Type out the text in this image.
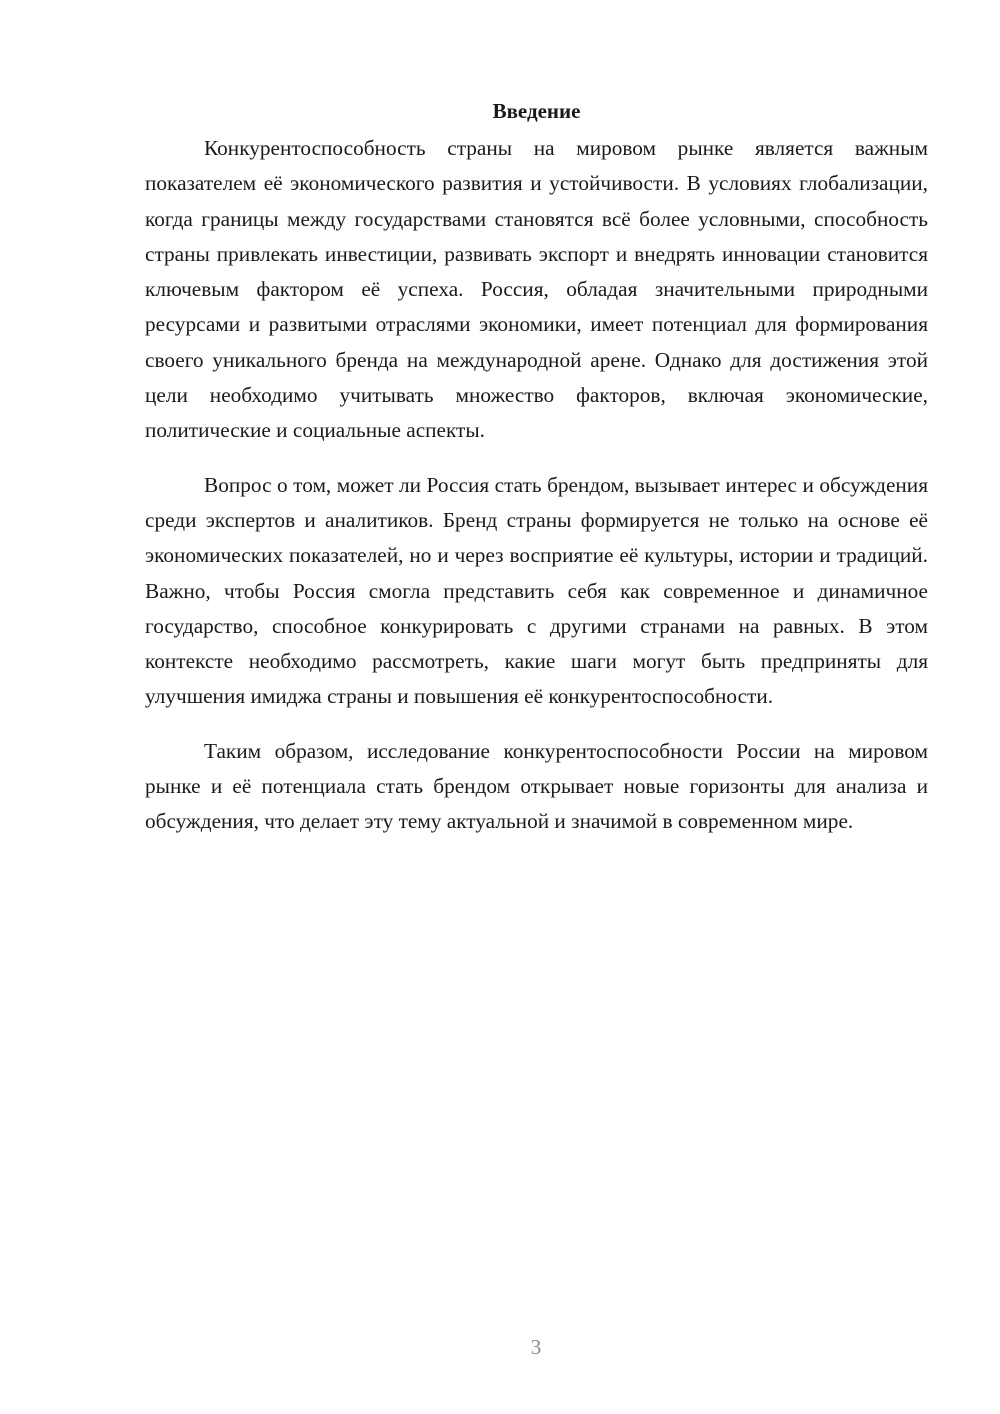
Введение

Конкурентоспособность страны на мировом рынке является важным показателем её экономического развития и устойчивости. В условиях глобализации, когда границы между государствами становятся всё более условными, способность страны привлекать инвестиции, развивать экспорт и внедрять инновации становится ключевым фактором её успеха. Россия, обладая значительными природными ресурсами и развитыми отраслями экономики, имеет потенциал для формирования своего уникального бренда на международной арене. Однако для достижения этой цели необходимо учитывать множество факторов, включая экономические, политические и социальные аспекты.

Вопрос о том, может ли Россия стать брендом, вызывает интерес и обсуждения среди экспертов и аналитиков. Бренд страны формируется не только на основе её экономических показателей, но и через восприятие её культуры, истории и традиций. Важно, чтобы Россия смогла представить себя как современное и динамичное государство, способное конкурировать с другими странами на равных. В этом контексте необходимо рассмотреть, какие шаги могут быть предприняты для улучшения имиджа страны и повышения её конкурентоспособности.

Таким образом, исследование конкурентоспособности России на мировом рынке и её потенциала стать брендом открывает новые горизонты для анализа и обсуждения, что делает эту тему актуальной и значимой в современном мире.

3
